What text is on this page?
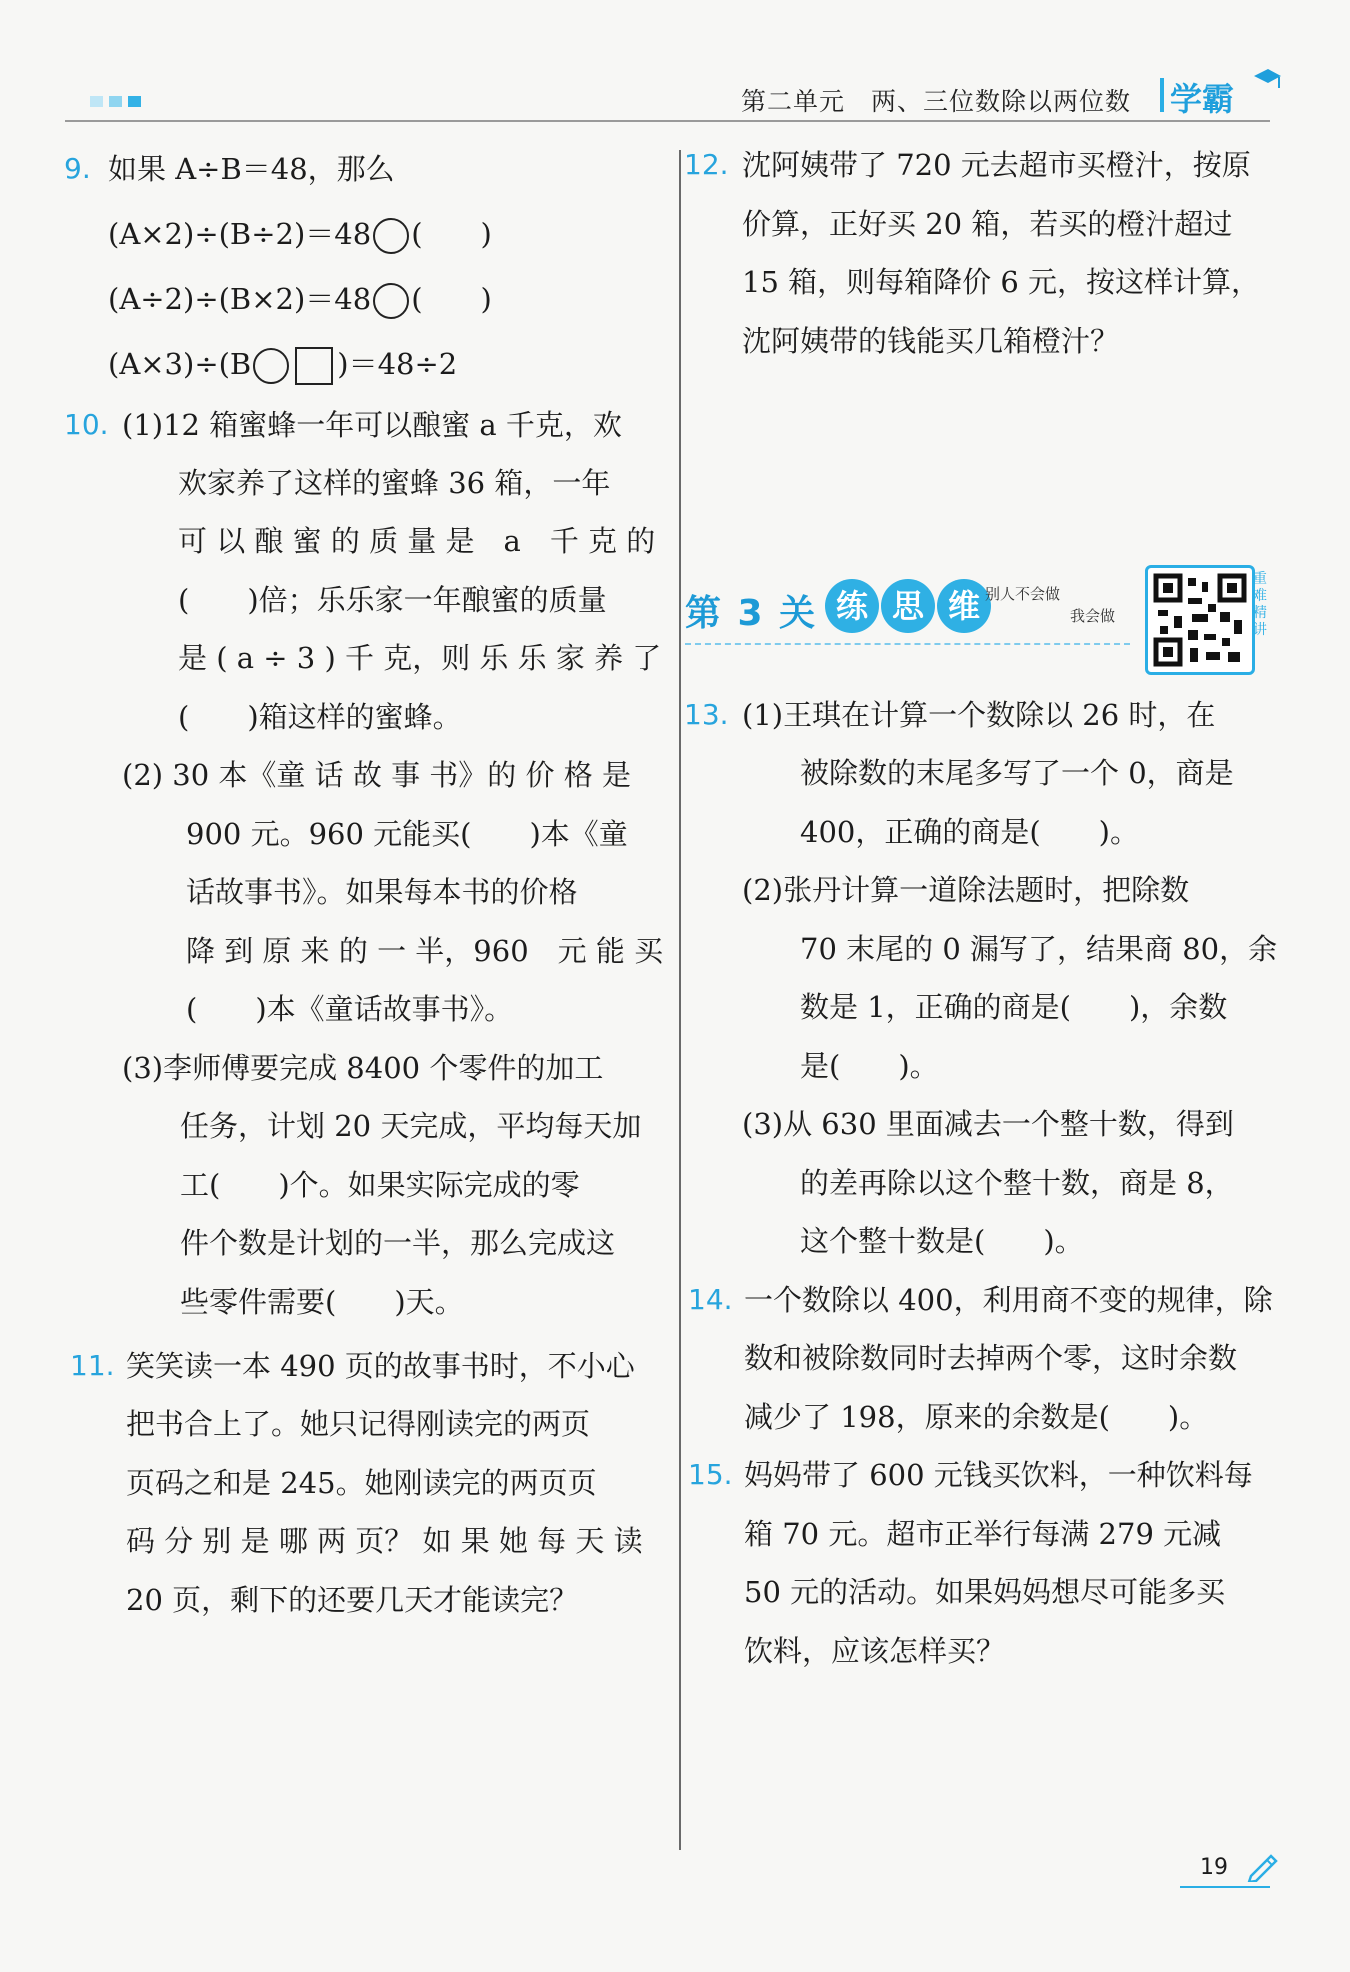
第二单元　两、三位数除以两位数 学霸
9. 如果 A÷B＝48，那么
(A×2)÷(B÷2)＝48 (　　)
(A÷2)÷(B×2)＝48 (　　)
(A×3)÷(B	)＝48÷2
10. (1)12 箱蜜蜂一年可以酿蜜 a 千克，欢
欢家养了这样的蜜蜂 36 箱，一年
可 以 酿 蜜 的 质 量 是　a　千 克 的
(　　)倍；乐乐家一年酿蜜的质量
是 ( a ÷ 3 ) 千 克，则 乐 乐 家 养 了
(　　)箱这样的蜜蜂。
(2) 30 本《童 话 故 事 书》的 价 格 是
900 元。960 元能买(　　)本《童
话故事书》。如果每本书的价格
降 到 原 来 的 一 半，960　元 能 买
(　　)本《童话故事书》。
(3)李师傅要完成 8400 个零件的加工
任务，计划 20 天完成，平均每天加
工(　　)个。如果实际完成的零
件个数是计划的一半，那么完成这
些零件需要(　　)天。
11. 笑笑读一本 490 页的故事书时，不小心
把书合上了。她只记得刚读完的两页
页码之和是 245。她刚读完的两页页
码 分 别 是 哪 两 页？ 如 果 她 每 天 读
20 页，剩下的还要几天才能读完？
12. 沈阿姨带了 720 元去超市买橙汁，按原
价算，正好买 20 箱，若买的橙汁超过
15 箱，则每箱降价 6 元，按这样计算，
沈阿姨带的钱能买几箱橙汁？
第 3 关 练 思 维 别人不会做
我会做
重难精讲
13. (1)王琪在计算一个数除以 26 时，在
被除数的末尾多写了一个 0，商是
400，正确的商是(　　)。
(2)张丹计算一道除法题时，把除数
70 末尾的 0 漏写了，结果商 80，余
数是 1，正确的商是(　　)，余数
是(　　)。
(3)从 630 里面减去一个整十数，得到
的差再除以这个整十数，商是 8，
这个整十数是(　　)。
14. 一个数除以 400，利用商不变的规律，除
数和被除数同时去掉两个零，这时余数
减少了 198，原来的余数是(　　)。
15. 妈妈带了 600 元钱买饮料，一种饮料每
箱 70 元。超市正举行每满 279 元减
50 元的活动。如果妈妈想尽可能多买
饮料，应该怎样买？
19
